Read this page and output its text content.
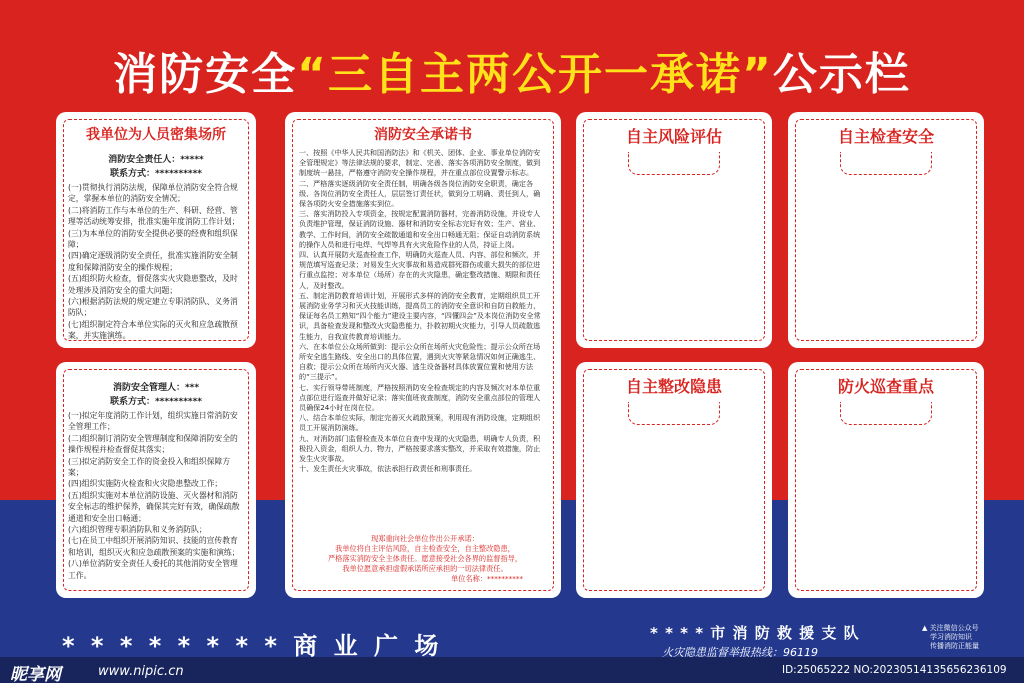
消防安全“三自主两公开一承诺”公示栏
我单位为人员密集场所
消防安全责任人：*****
联系方式：**********

(一)贯彻执行消防法规，保障单位消防安全符合规定，掌握本单位的消防安全情况；

(二)将消防工作与本单位的生产、科研、经营、管理等活动统筹安排，批准实施年度消防工作计划；

(三)为本单位的消防安全提供必要的经费和组织保障；

(四)确定逐级消防安全责任，批准实施消防安全制度和保障消防安全的操作规程；

(五)组织防火检查，督促落实火灾隐患整改，及时处理涉及消防安全的重大问题；

(六)根据消防法规的规定建立专职消防队、义务消防队；

(七)组织制定符合本单位实际的灭火和应急疏散预案，并实施演练。

消防安全管理人：***
联系方式：**********

(一)拟定年度消防工作计划，组织实施日常消防安全管理工作；

(二)组织制订消防安全管理制度和保障消防安全的操作规程并检查督促其落实；

(三)拟定消防安全工作的资金投入和组织保障方案；

(四)组织实施防火检查和火灾隐患整改工作；

(五)组织实施对本单位消防设施、灭火器材和消防安全标志的维护保养，确保其完好有效，确保疏散通道和安全出口畅通；

(六)组织管理专职消防队和义务消防队；

(七)在员工中组织开展消防知识、技能的宣传教育和培训，组织灭火和应急疏散预案的实施和演练；

(八)单位消防安全责任人委托的其他消防安全管理工作。

消防安全承诺书

一、按照《中华人民共和国消防法》和《机关、团体、企业、事业单位消防安全管理规定》等法律法规的要求，制定、完善、落实各项消防安全制度，做到制度统一悬挂，严格遵守消防安全操作规程，并在重点部位设置警示标志。

二、严格落实逐级消防安全责任制，明确各级各岗位消防安全职责，确定各级、各岗位消防安全责任人，层层签订责任状，做到分工明确、责任到人，确保各项防火安全措施落实到位。

三、落实消防投入专项资金，按规定配置消防器材，完善消防设施，并设专人负责维护管理，保证消防设施、器材和消防安全标志完好有效；生产、营业、教学、工作时间，消防安全疏散通道和安全出口畅通无阻；保证自动消防系统的操作人员和进行电焊、气焊等具有火灾危险作业的人员，持证上岗。

四、认真开展防火巡查检查工作，明确防火巡查人员、内容、部位和频次，并规范填写巡查记录；对易发生火灾事故和易造成群死群伤或重大损失的部位进行重点监控；对本单位（场所）存在的火灾隐患，确定整改措施、期限和责任人，及时整改。

五、制定消防教育培训计划，开展形式多样的消防安全教育，定期组织员工开展消防业务学习和灭火技能训练，提高员工的消防安全意识和自防自救能力，保证每名员工熟知“四个能力”建设主要内容，“四懂四会”及本岗位消防安全常识，具备检查发现和整改火灾隐患能力，扑救初期火灾能力，引导人员疏散逃生能力，自我宣传教育培训能力。

六、在本单位公众场所做到：提示公众所在场所火灾危险性；提示公众所在场所安全逃生路线、安全出口的具体位置，遇到火灾等紧急情况如何正确逃生、自救；提示公众所在场所内灭火器、逃生设备器材具体放置位置和使用方法的“三提示”。

七、实行领导带班制度，严格按照消防安全检查规定的内容及频次对本单位重点部位进行巡查并做好记录；落实值班夜查制度，消防安全重点部位的管理人员确保24小时在岗在位。

八、结合本单位实际，制定完善灭火疏散预案，利用现有消防设施，定期组织员工开展消防演练。

九、对消防部门监督检查及本单位自查中发现的火灾隐患，明确专人负责，积极投入资金，组织人力、物力，严格按要求落实整改，并采取有效措施，防止发生火灾事故。

十、发生责任火灾事故，依法承担行政责任和刑事责任。

现郑重向社会单位作出公开承诺：

我单位将自主评估风险，自主检查安全，自主整改隐患，

严格落实消防安全主体责任。愿意接受社会各界的监督指导，

我单位愿意承担虚假承诺所应承担的一切法律责任。

单位名称：**********

自主风险评估	自主检查安全
自主整改隐患	防火巡查重点
* * * * * * * * 商 业 广 场	* * * * 市 消 防 救 援 支 队
火灾隐患监督举报热线：96119
▲ 关注微信公众号
学习消防知识
传播消防正能量
昵享网	www.nipic.cn	ID:25065222 NO:20230514135656236109
